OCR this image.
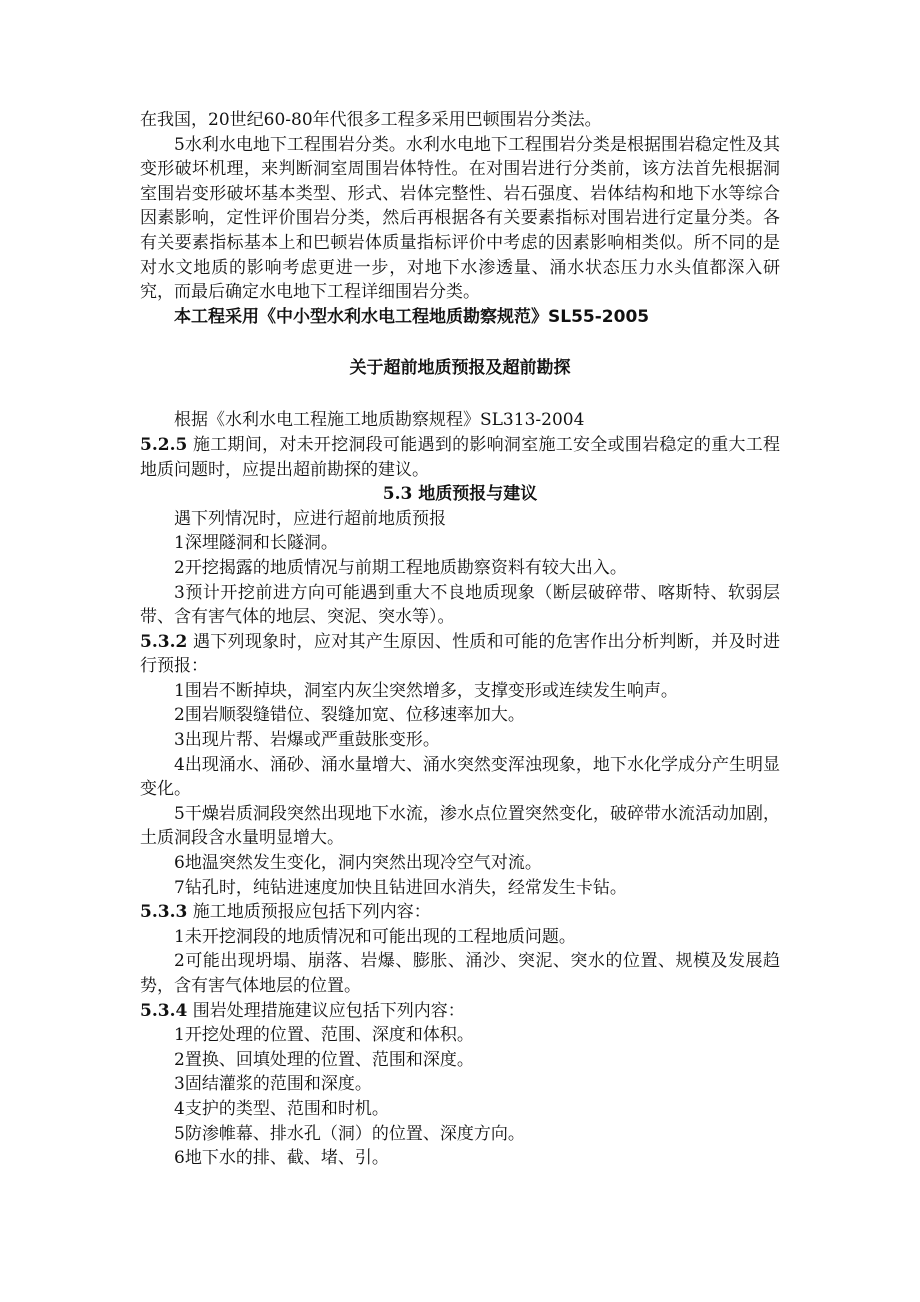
在我国，20世纪60-80年代很多工程多采用巴顿围岩分类法。

5水利水电地下工程围岩分类。水利水电地下工程围岩分类是根据围岩稳定性及其变形破坏机理，来判断洞室周围岩体特性。在对围岩进行分类前，该方法首先根据洞室围岩变形破坏基本类型、形式、岩体完整性、岩石强度、岩体结构和地下水等综合因素影响，定性评价围岩分类，然后再根据各有关要素指标对围岩进行定量分类。各有关要素指标基本上和巴顿岩体质量指标评价中考虑的因素影响相类似。所不同的是对水文地质的影响考虑更进一步，对地下水渗透量、涌水状态压力水头值都深入研究，而最后确定水电地下工程详细围岩分类。

本工程采用《中小型水利水电工程地质勘察规范》SL55-2005

关于超前地质预报及超前勘探

根据《水利水电工程施工地质勘察规程》SL313-2004

5.2.5 施工期间，对未开挖洞段可能遇到的影响洞室施工安全或围岩稳定的重大工程地质问题时，应提出超前勘探的建议。

5.3 地质预报与建议

遇下列情况时，应进行超前地质预报

1深埋隧洞和长隧洞。

2开挖揭露的地质情况与前期工程地质勘察资料有较大出入。

3预计开挖前进方向可能遇到重大不良地质现象（断层破碎带、喀斯特、软弱层带、含有害气体的地层、突泥、突水等）。

5.3.2 遇下列现象时，应对其产生原因、性质和可能的危害作出分析判断，并及时进行预报：

1围岩不断掉块，洞室内灰尘突然增多，支撑变形或连续发生响声。

2围岩顺裂缝错位、裂缝加宽、位移速率加大。

3出现片帮、岩爆或严重鼓胀变形。

4出现涌水、涌砂、涌水量增大、涌水突然变浑浊现象，地下水化学成分产生明显变化。

5干燥岩质洞段突然出现地下水流，渗水点位置突然变化，破碎带水流活动加剧，土质洞段含水量明显增大。

6地温突然发生变化，洞内突然出现冷空气对流。

7钻孔时，纯钻进速度加快且钻进回水消失，经常发生卡钻。

5.3.3 施工地质预报应包括下列内容：

1未开挖洞段的地质情况和可能出现的工程地质问题。

2可能出现坍塌、崩落、岩爆、膨胀、涌沙、突泥、突水的位置、规模及发展趋势，含有害气体地层的位置。

5.3.4 围岩处理措施建议应包括下列内容：

1开挖处理的位置、范围、深度和体积。

2置换、回填处理的位置、范围和深度。

3固结灌浆的范围和深度。

4支护的类型、范围和时机。

5防渗帷幕、排水孔（洞）的位置、深度方向。

6地下水的排、截、堵、引。
